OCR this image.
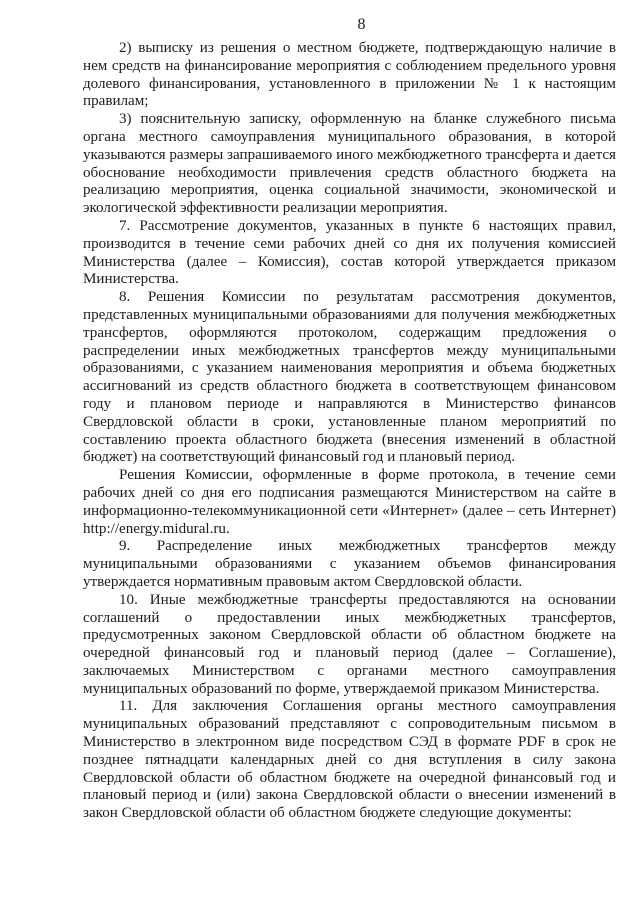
8

2) выписку из решения о местном бюджете, подтверждающую наличие в нем средств на финансирование мероприятия с соблюдением предельного уровня долевого финансирования, установленного в приложении № 1 к настоящим правилам;

3) пояснительную записку, оформленную на бланке служебного письма органа местного самоуправления муниципального образования, в которой указываются размеры запрашиваемого иного межбюджетного трансферта и дается обоснование необходимости привлечения средств областного бюджета на реализацию мероприятия, оценка социальной значимости, экономической и экологической эффективности реализации мероприятия.

7. Рассмотрение документов, указанных в пункте 6 настоящих правил, производится в течение семи рабочих дней со дня их получения комиссией Министерства (далее – Комиссия), состав которой утверждается приказом Министерства.

8. Решения Комиссии по результатам рассмотрения документов, представленных муниципальными образованиями для получения межбюджетных трансфертов, оформляются протоколом, содержащим предложения о распределении иных межбюджетных трансфертов между муниципальными образованиями, с указанием наименования мероприятия и объема бюджетных ассигнований из средств областного бюджета в соответствующем финансовом году и плановом периоде и направляются в Министерство финансов Свердловской области в сроки, установленные планом мероприятий по составлению проекта областного бюджета (внесения изменений в областной бюджет) на соответствующий финансовый год и плановый период.

Решения Комиссии, оформленные в форме протокола, в течение семи рабочих дней со дня его подписания размещаются Министерством на сайте в информационно-телекоммуникационной сети «Интернет» (далее – сеть Интернет) http://energy.midural.ru.

9. Распределение иных межбюджетных трансфертов между муниципальными образованиями с указанием объемов финансирования утверждается нормативным правовым актом Свердловской области.

10. Иные межбюджетные трансферты предоставляются на основании соглашений о предоставлении иных межбюджетных трансфертов, предусмотренных законом Свердловской области об областном бюджете на очередной финансовый год и плановый период (далее – Соглашение), заключаемых Министерством с органами местного самоуправления муниципальных образований по форме, утверждаемой приказом Министерства.

11. Для заключения Соглашения органы местного самоуправления муниципальных образований представляют с сопроводительным письмом в Министерство в электронном виде посредством СЭД в формате PDF в срок не позднее пятнадцати календарных дней со дня вступления в силу закона Свердловской области об областном бюджете на очередной финансовый год и плановый период и (или) закона Свердловской области о внесении изменений в закон Свердловской области об областном бюджете следующие документы:
